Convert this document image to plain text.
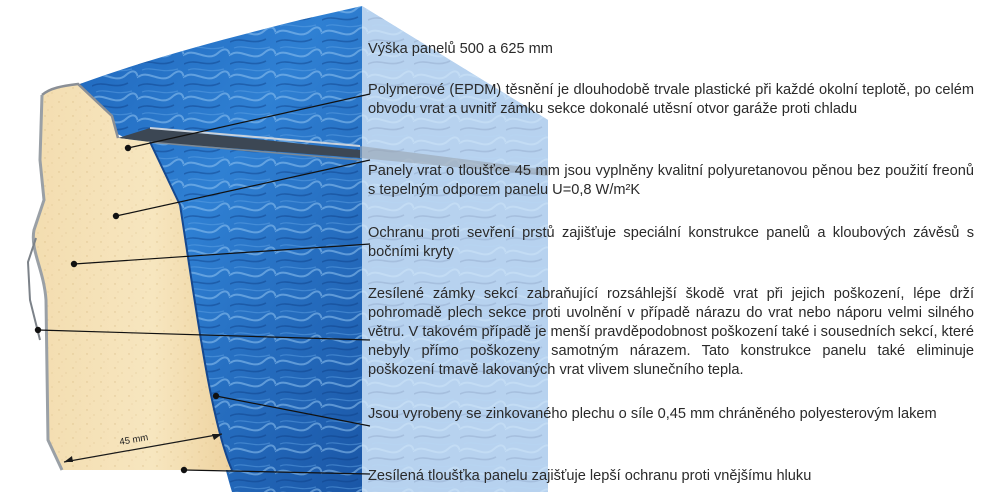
45 mm
Výška panelů 500 a 625 mm
Polymerové (EPDM) těsnění je dlouhodobě trvale plastické při každé okolní teplotě, po celém obvodu vrat a uvnitř zámku sekce dokonalé utěsní otvor garáže proti chladu
Panely vrat o tloušťce 45 mm jsou vyplněny kvalitní polyuretanovou pěnou bez použití freonů s tepelným odporem panelu U=0,8 W/m²K
Ochranu proti sevření prstů zajišťuje speciální konstrukce panelů a kloubových závěsů s bočními kryty
Zesílené zámky sekcí zabraňující rozsáhlejší škodě vrat při jejich poškození, lépe drží pohromadě plech sekce proti uvolnění v případě nárazu do vrat nebo náporu velmi silného větru. V takovém případě je menší pravděpodobnost poškození také i sousedních sekcí, které nebyly přímo poškozeny samotným nárazem. Tato konstrukce panelu také eliminuje poškození tmavě lakovaných vrat vlivem slunečního tepla.
Jsou vyrobeny se zinkovaného plechu o síle 0,45 mm chráněného polyesterovým lakem
Zesílená tloušťka panelu zajišťuje lepší ochranu proti vnějšímu hluku
